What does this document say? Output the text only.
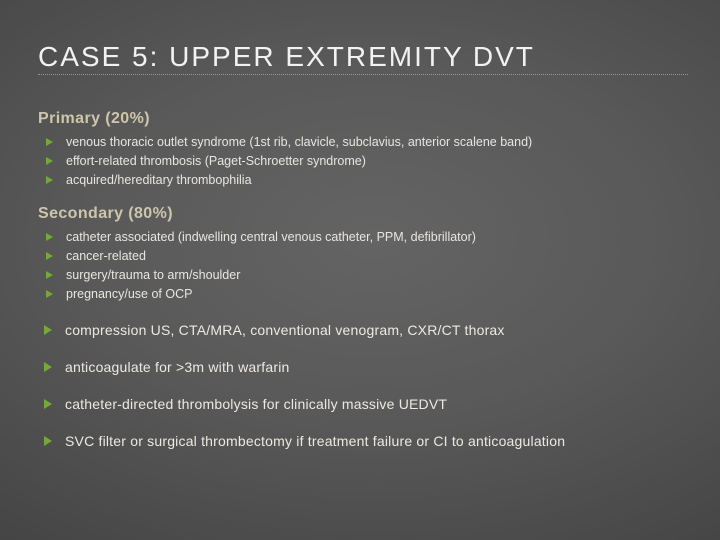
CASE 5: UPPER EXTREMITY DVT
Primary (20%)
venous thoracic outlet syndrome (1st rib, clavicle, subclavius, anterior scalene band)
effort-related thrombosis (Paget-Schroetter syndrome)
acquired/hereditary thrombophilia
Secondary (80%)
catheter associated (indwelling central venous catheter, PPM, defibrillator)
cancer-related
surgery/trauma to arm/shoulder
pregnancy/use of OCP
compression US, CTA/MRA, conventional venogram, CXR/CT thorax
anticoagulate for >3m with warfarin
catheter-directed thrombolysis for clinically massive UEDVT
SVC filter or surgical thrombectomy if treatment failure or CI to anticoagulation
